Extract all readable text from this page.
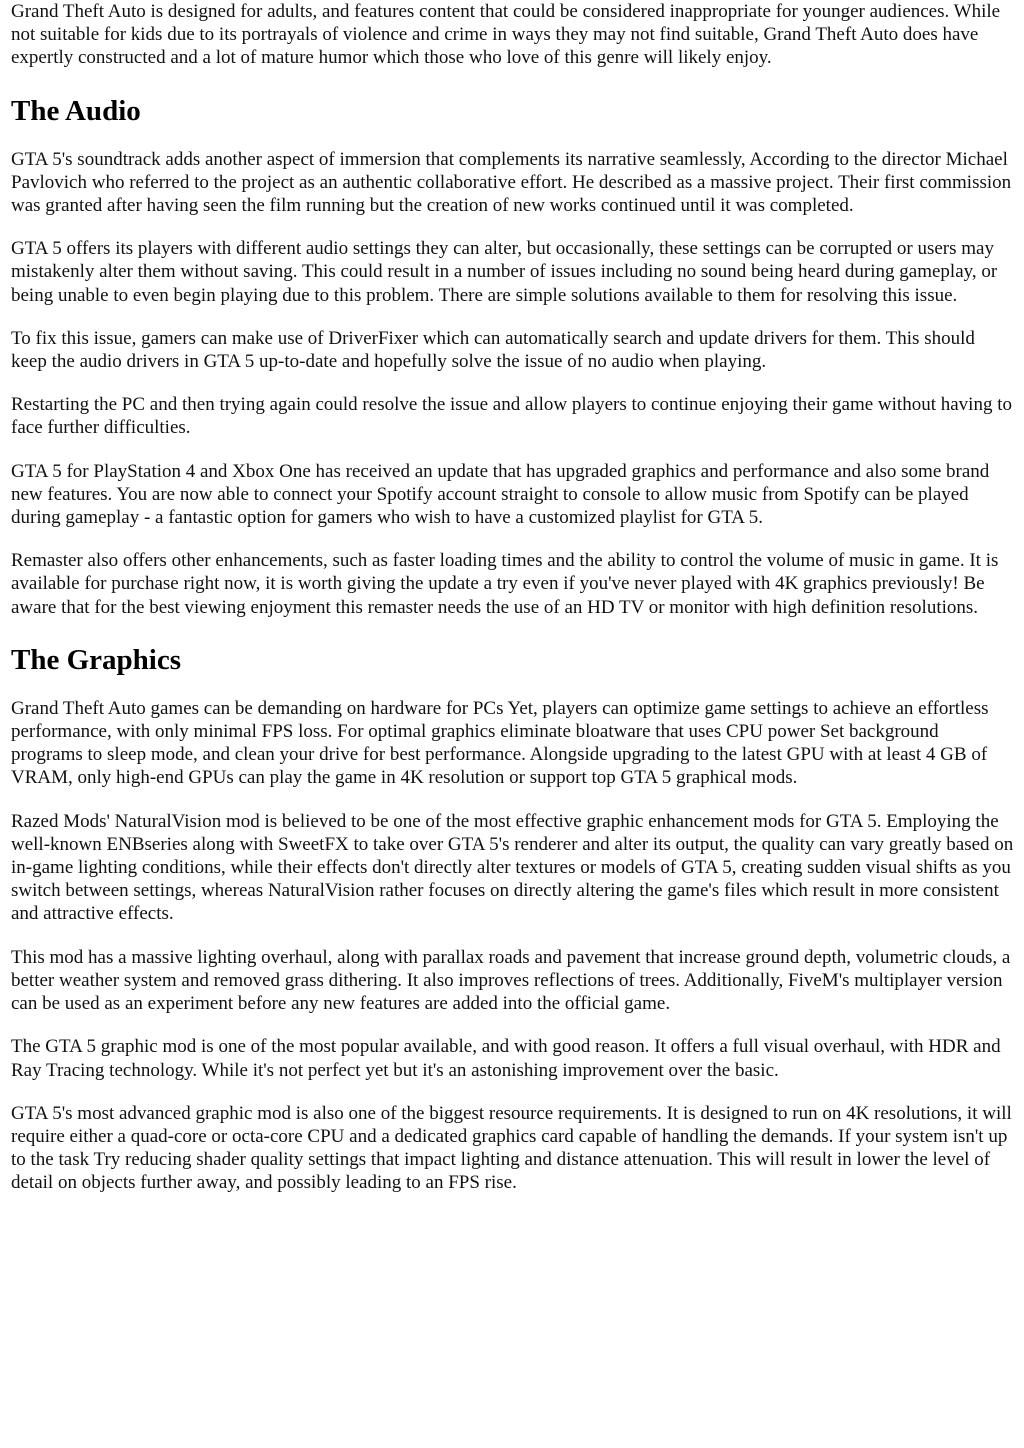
Grand Theft Auto is designed for adults, and features content that could be considered inappropriate for younger audiences. While not suitable for kids due to its portrayals of violence and crime in ways they may not find suitable, Grand Theft Auto does have expertly constructed and a lot of mature humor which those who love of this genre will likely enjoy.

The Audio

GTA 5's soundtrack adds another aspect of immersion that complements its narrative seamlessly, According to the director Michael Pavlovich who referred to the project as an authentic collaborative effort. He described as a massive project. Their first commission was granted after having seen the film running but the creation of new works continued until it was completed.

GTA 5 offers its players with different audio settings they can alter, but occasionally, these settings can be corrupted or users may mistakenly alter them without saving. This could result in a number of issues including no sound being heard during gameplay, or being unable to even begin playing due to this problem. There are simple solutions available to them for resolving this issue.

To fix this issue, gamers can make use of DriverFixer which can automatically search and update drivers for them. This should keep the audio drivers in GTA 5 up-to-date and hopefully solve the issue of no audio when playing.

Restarting the PC and then trying again could resolve the issue and allow players to continue enjoying their game without having to face further difficulties.

GTA 5 for PlayStation 4 and Xbox One has received an update that has upgraded graphics and performance and also some brand new features. You are now able to connect your Spotify account straight to console to allow music from Spotify can be played during gameplay - a fantastic option for gamers who wish to have a customized playlist for GTA 5.

Remaster also offers other enhancements, such as faster loading times and the ability to control the volume of music in game. It is available for purchase right now, it is worth giving the update a try even if you've never played with 4K graphics previously! Be aware that for the best viewing enjoyment this remaster needs the use of an HD TV or monitor with high definition resolutions.

The Graphics

Grand Theft Auto games can be demanding on hardware for PCs Yet, players can optimize game settings to achieve an effortless performance, with only minimal FPS loss. For optimal graphics eliminate bloatware that uses CPU power Set background programs to sleep mode, and clean your drive for best performance. Alongside upgrading to the latest GPU with at least 4 GB of VRAM, only high-end GPUs can play the game in 4K resolution or support top GTA 5 graphical mods.

Razed Mods' NaturalVision mod is believed to be one of the most effective graphic enhancement mods for GTA 5. Employing the well-known ENBseries along with SweetFX to take over GTA 5's renderer and alter its output, the quality can vary greatly based on in-game lighting conditions, while their effects don't directly alter textures or models of GTA 5, creating sudden visual shifts as you switch between settings, whereas NaturalVision rather focuses on directly altering the game's files which result in more consistent and attractive effects.

This mod has a massive lighting overhaul, along with parallax roads and pavement that increase ground depth, volumetric clouds, a better weather system and removed grass dithering. It also improves reflections of trees. Additionally, FiveM's multiplayer version can be used as an experiment before any new features are added into the official game.

The GTA 5 graphic mod is one of the most popular available, and with good reason. It offers a full visual overhaul, with HDR and Ray Tracing technology. While it's not perfect yet but it's an astonishing improvement over the basic.

GTA 5's most advanced graphic mod is also one of the biggest resource requirements. It is designed to run on 4K resolutions, it will require either a quad-core or octa-core CPU and a dedicated graphics card capable of handling the demands. If your system isn't up to the task Try reducing shader quality settings that impact lighting and distance attenuation. This will result in lower the level of detail on objects further away, and possibly leading to an FPS rise.
